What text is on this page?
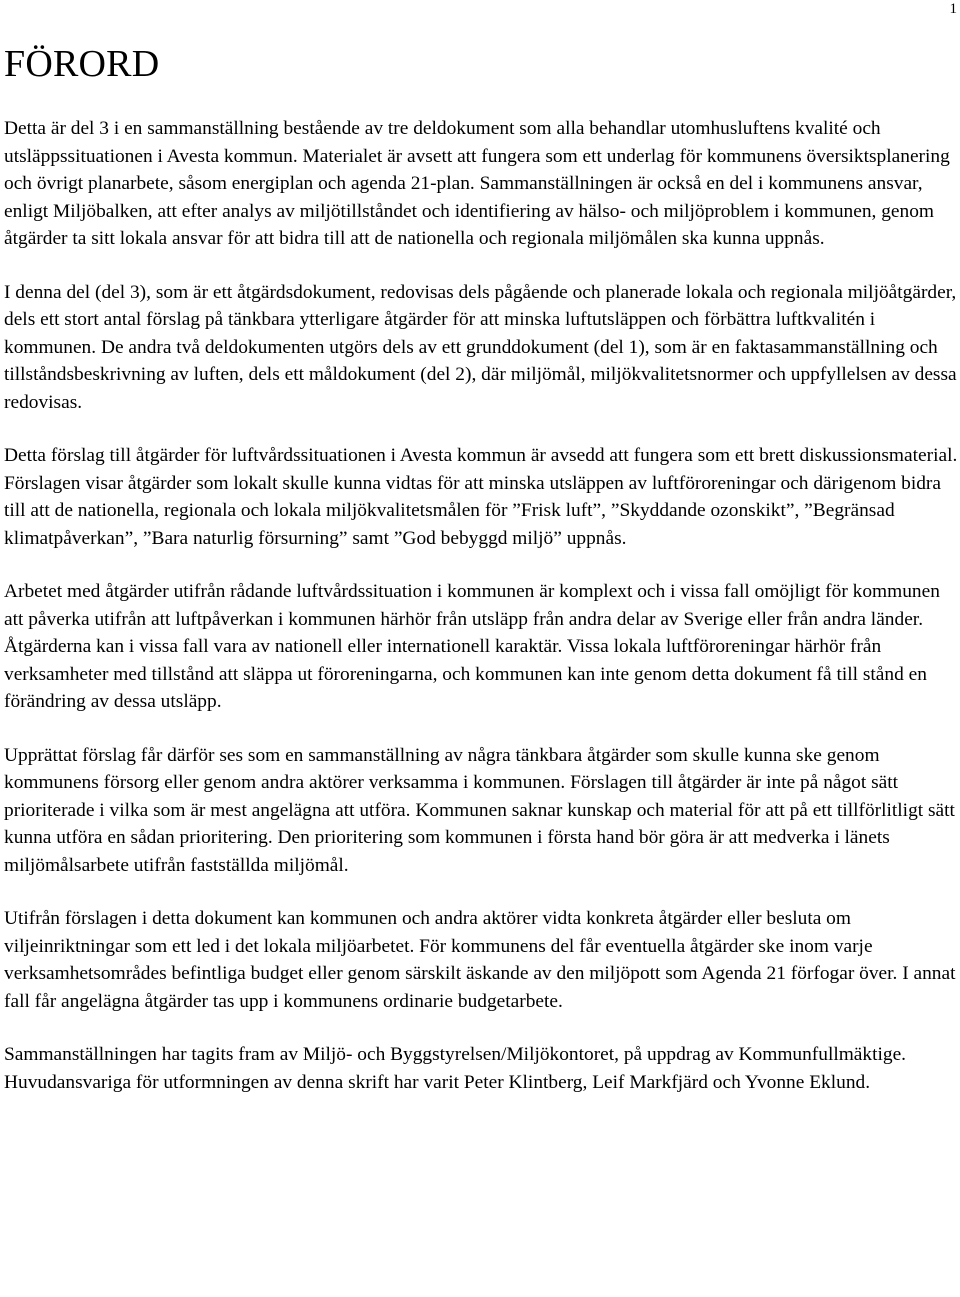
1
FÖRORD

Detta är del 3 i en sammanställning bestående av tre deldokument som alla behandlar utomhusluftens kvalité och utsläppssituationen i Avesta kommun. Materialet är avsett att fungera som ett underlag för kommunens översiktsplanering och övrigt planarbete, såsom energiplan och agenda 21-plan. Sammanställningen är också en del i kommunens ansvar, enligt Miljöbalken, att efter analys av miljötillståndet och identifiering av hälso- och miljöproblem i kommunen, genom åtgärder ta sitt lokala ansvar för att bidra till att de nationella och regionala miljömålen ska kunna uppnås.

I denna del (del 3), som är ett åtgärdsdokument, redovisas dels pågående och planerade lokala och regionala miljöåtgärder, dels ett stort antal förslag på tänkbara ytterligare åtgärder för att minska luftutsläppen och förbättra luftkvalitén i kommunen. De andra två deldokumenten utgörs dels av ett grunddokument (del 1), som är en faktasammanställning och tillståndsbeskrivning av luften, dels ett måldokument (del 2), där miljömål, miljökvalitetsnormer och uppfyllelsen av dessa redovisas.

Detta förslag till åtgärder för luftvårdssituationen i Avesta kommun är avsedd att fungera som ett brett diskussionsmaterial. Förslagen visar åtgärder som lokalt skulle kunna vidtas för att minska utsläppen av luftföroreningar och därigenom bidra till att de nationella, regionala och lokala miljökvalitetsmålen för ”Frisk luft”, ”Skyddande ozonskikt”, ”Begränsad klimatpåverkan”, ”Bara naturlig försurning” samt ”God bebyggd miljö” uppnås.

Arbetet med åtgärder utifrån rådande luftvårdssituation i kommunen är komplext och i vissa fall omöjligt för kommunen att påverka utifrån att luftpåverkan i kommunen härhör från utsläpp från andra delar av Sverige eller från andra länder. Åtgärderna kan i vissa fall vara av nationell eller internationell karaktär. Vissa lokala luftföroreningar härhör från verksamheter med tillstånd att släppa ut föroreningarna, och kommunen kan inte genom detta dokument få till stånd en förändring av dessa utsläpp.

Upprättat förslag får därför ses som en sammanställning av några tänkbara åtgärder som skulle kunna ske genom kommunens försorg eller genom andra aktörer verksamma i kommunen. Förslagen till åtgärder är inte på något sätt prioriterade i vilka som är mest angelägna att utföra. Kommunen saknar kunskap och material för att på ett tillförlitligt sätt kunna utföra en sådan prioritering. Den prioritering som kommunen i första hand bör göra är att medverka i länets miljömålsarbete utifrån fastställda miljömål.

Utifrån förslagen i detta dokument kan kommunen och andra aktörer vidta konkreta åtgärder eller besluta om viljeinriktningar som ett led i det lokala miljöarbetet. För kommunens del får eventuella åtgärder ske inom varje verksamhetsområdes befintliga budget eller genom särskilt äskande av den miljöpott som Agenda 21 förfogar över. I annat fall får angelägna åtgärder tas upp i kommunens ordinarie budgetarbete.

Sammanställningen har tagits fram av Miljö- och Byggstyrelsen/Miljökontoret, på uppdrag av Kommunfullmäktige. Huvudansvariga för utformningen av denna skrift har varit Peter Klintberg, Leif Markfjärd och Yvonne Eklund.
